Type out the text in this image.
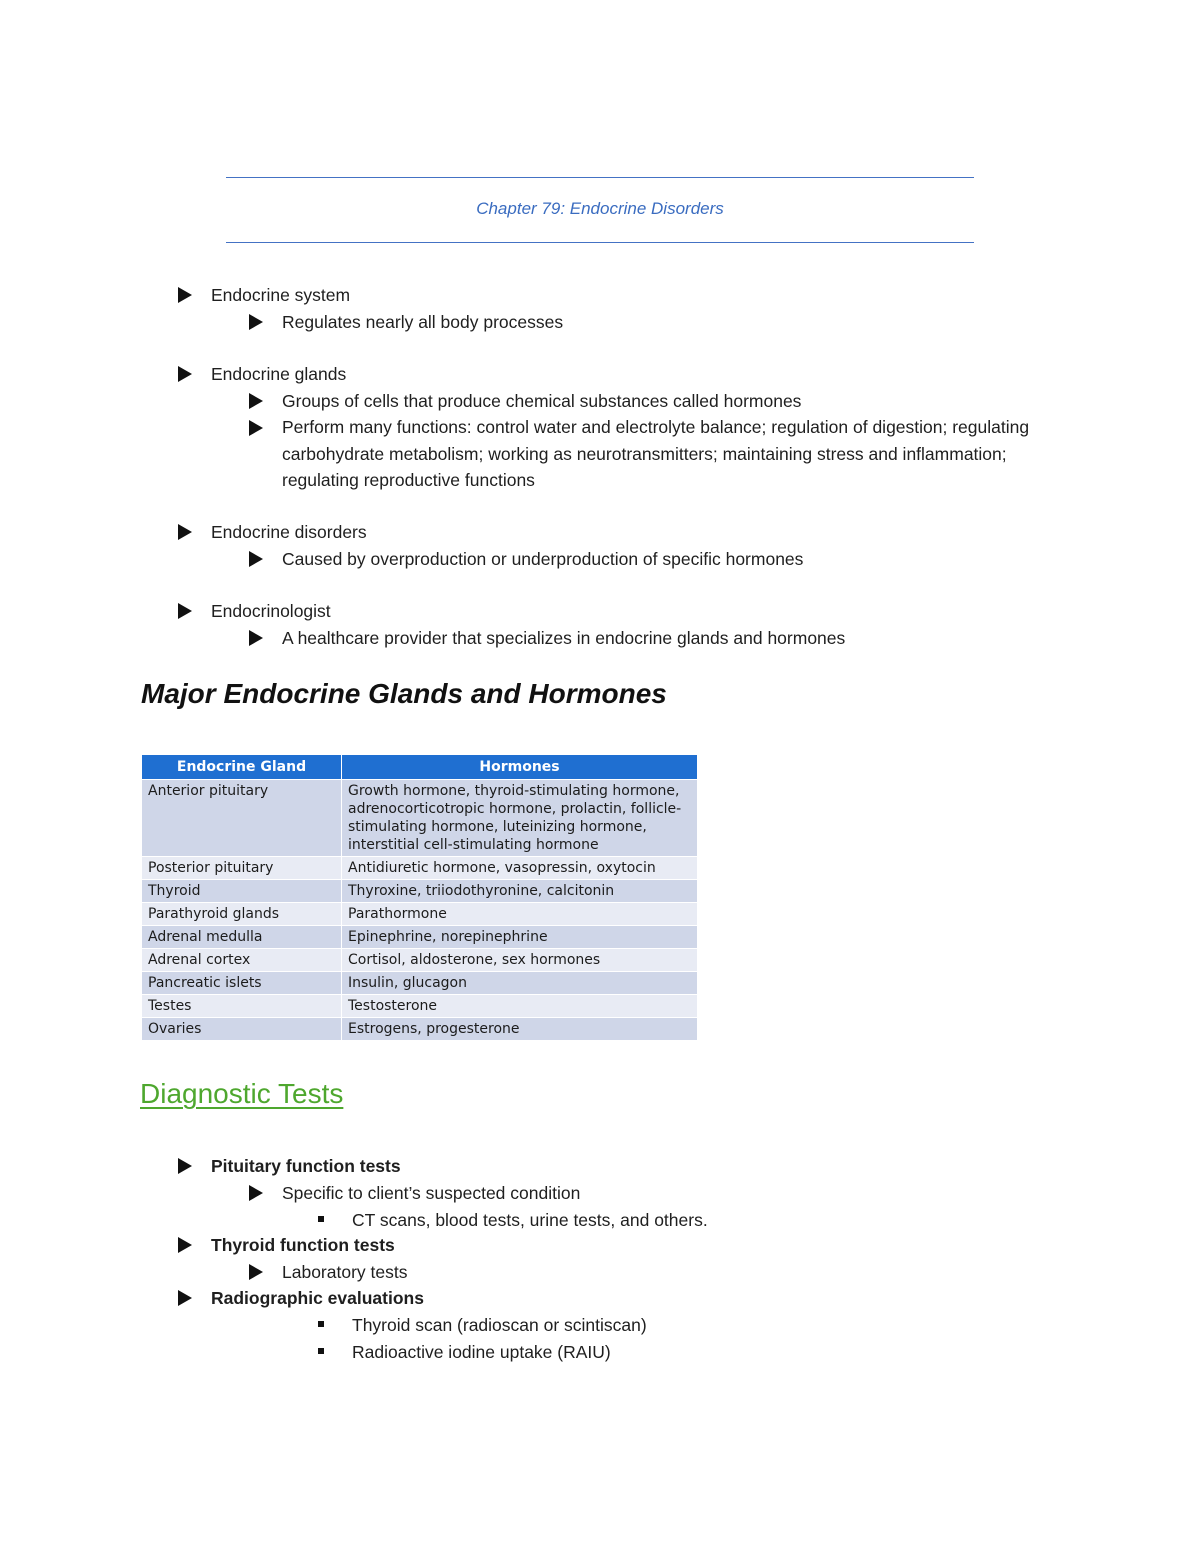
Chapter 79: Endocrine Disorders
Endocrine system
Regulates nearly all body processes
Endocrine glands
Groups of cells that produce chemical substances called hormones
Perform many functions: control water and electrolyte balance; regulation of digestion; regulating carbohydrate metabolism; working as neurotransmitters; maintaining stress and inflammation; regulating reproductive functions
Endocrine disorders
Caused by overproduction or underproduction of specific hormones
Endocrinologist
A healthcare provider that specializes in endocrine glands and hormones
Major Endocrine Glands and Hormones
Endocrine Gland	Hormones
Anterior pituitary	Growth hormone, thyroid-stimulating hormone, adrenocorticotropic hormone, prolactin, follicle-stimulating hormone, luteinizing hormone, interstitial cell-stimulating hormone
Posterior pituitary	Antidiuretic hormone, vasopressin, oxytocin
Thyroid	Thyroxine, triiodothyronine, calcitonin
Parathyroid glands	Parathormone
Adrenal medulla	Epinephrine, norepinephrine
Adrenal cortex	Cortisol, aldosterone, sex hormones
Pancreatic islets	Insulin, glucagon
Testes	Testosterone
Ovaries	Estrogens, progesterone
Diagnostic Tests
Pituitary function tests
Specific to client’s suspected condition
CT scans, blood tests, urine tests, and others.
Thyroid function tests
Laboratory tests
Radiographic evaluations
Thyroid scan (radioscan or scintiscan)
Radioactive iodine uptake (RAIU)
